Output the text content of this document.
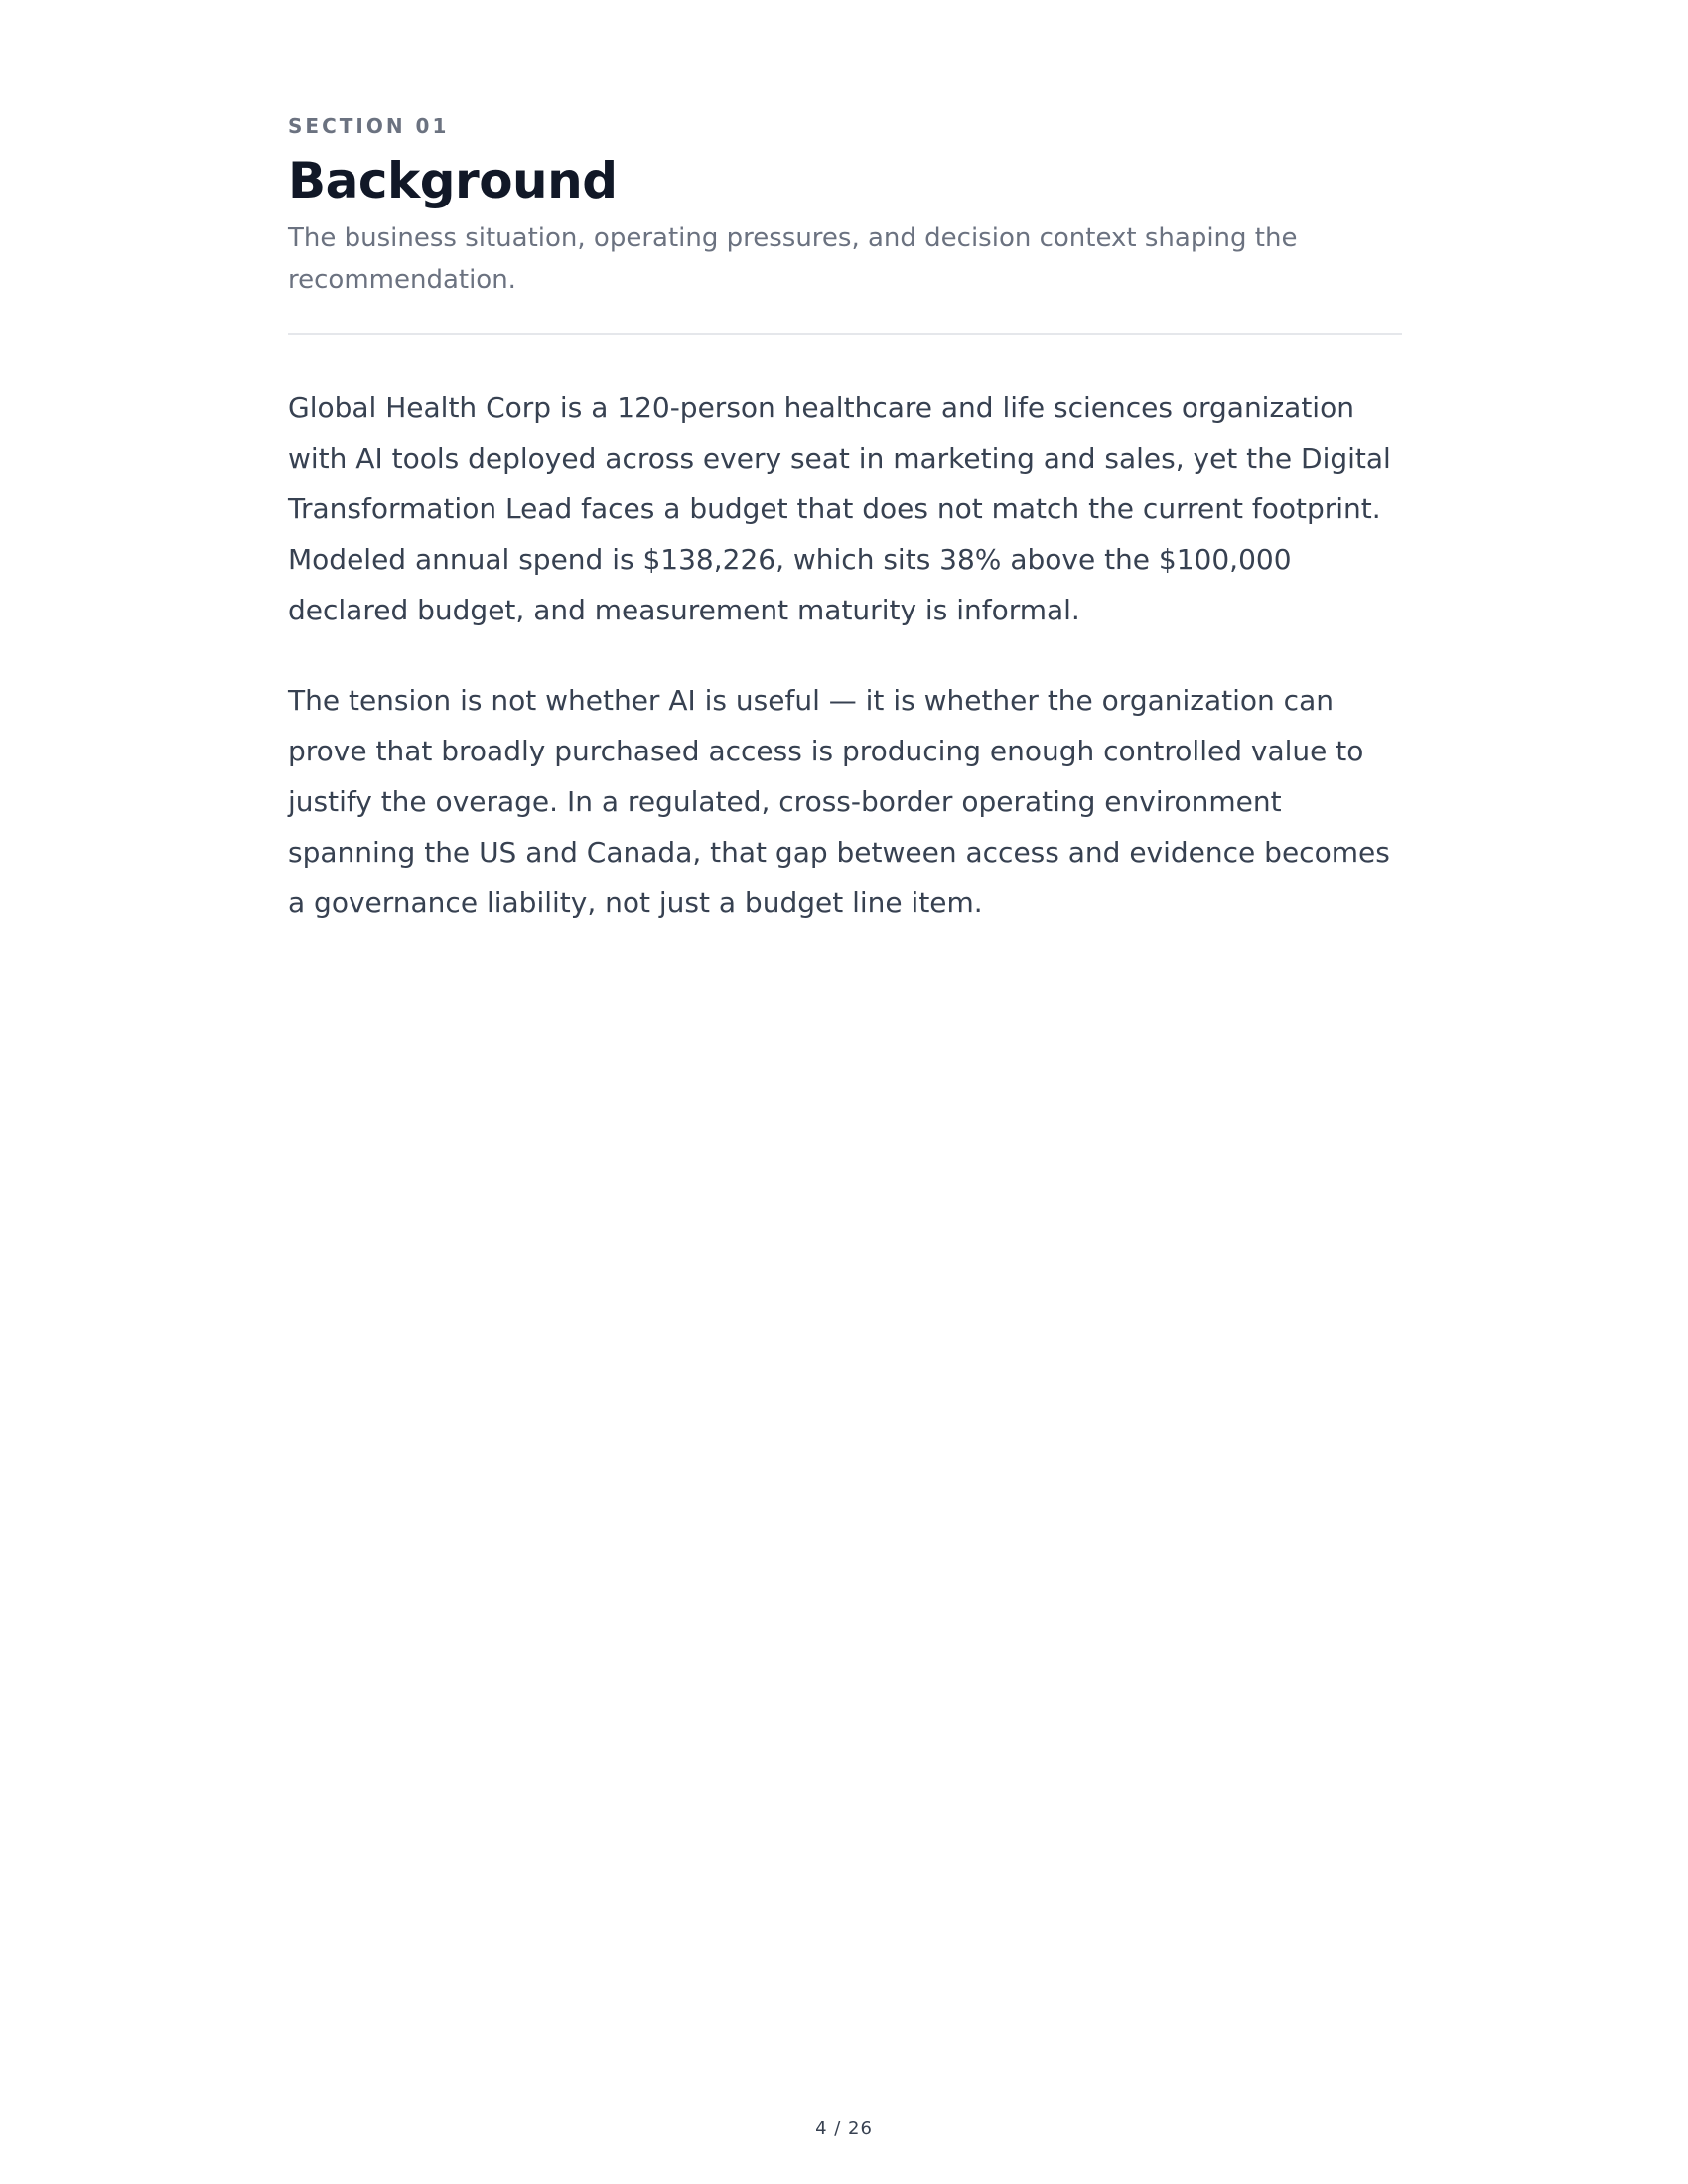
SECTION 01
Background

The business situation, operating pressures, and decision context shaping the recommendation.

Global Health Corp is a 120-person healthcare and life sciences organization with AI tools deployed across every seat in marketing and sales, yet the Digital Transformation Lead faces a budget that does not match the current footprint. Modeled annual spend is $138,226, which sits 38% above the $100,000 declared budget, and measurement maturity is informal.

The tension is not whether AI is useful — it is whether the organization can prove that broadly purchased access is producing enough controlled value to justify the overage. In a regulated, cross-border operating environment spanning the US and Canada, that gap between access and evidence becomes a governance liability, not just a budget line item.

4 / 26
